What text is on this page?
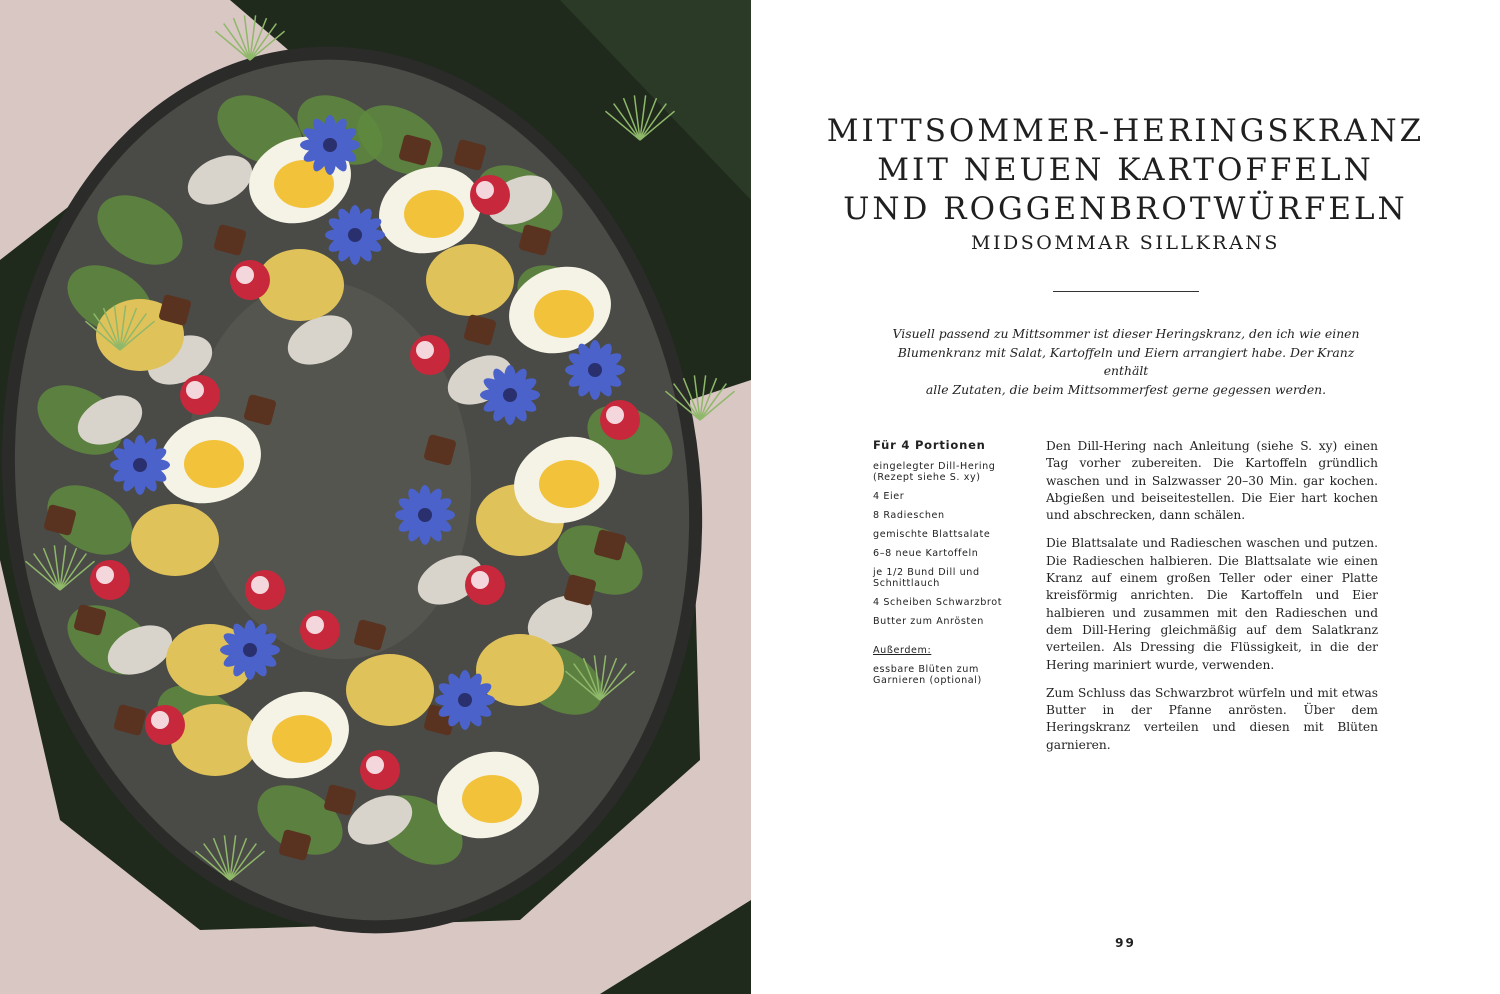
MITTSOMMER-HERINGSKRANZ
MIT NEUEN KARTOFFELN
UND ROGGENBROTWÜRFELN
MIDSOMMAR SILLKRANS
Visuell passend zu Mittsommer ist dieser Heringskranz, den ich wie einen
Blumenkranz mit Salat, Kartoffeln und Eiern arrangiert habe. Der Kranz enthält
alle Zutaten, die beim Mittsommerfest gerne gegessen werden.
Für 4 Portionen
eingelegter Dill-Hering (Rezept siehe S. xy)
4 Eier
8 Radieschen
gemischte Blattsalate
6–8 neue Kartoffeln
je 1/2 Bund Dill und Schnittlauch
4 Scheiben Schwarzbrot
Butter zum Anrösten
Außerdem:
essbare Blüten zum Garnieren (optional)

Den Dill-Hering nach Anleitung (siehe S. xy) einen Tag vorher zubereiten. Die Kartoffeln gründlich waschen und in Salzwasser 20–30 Min. gar kochen. Abgießen und beiseitestellen. Die Eier hart kochen und abschrecken, dann schälen.

Die Blattsalate und Radieschen waschen und putzen. Die Radieschen halbieren. Die Blattsalate wie einen Kranz auf einem großen Teller oder einer Platte kreisförmig anrichten. Die Kartoffeln und Eier halbieren und zusammen mit den Radieschen und dem Dill-Hering gleichmäßig auf dem Salatkranz verteilen. Als Dressing die Flüssigkeit, in die der Hering mariniert wurde, verwenden.

Zum Schluss das Schwarzbrot würfeln und mit etwas Butter in der Pfanne anrösten. Über dem Heringskranz verteilen und diesen mit Blüten garnieren.

99
